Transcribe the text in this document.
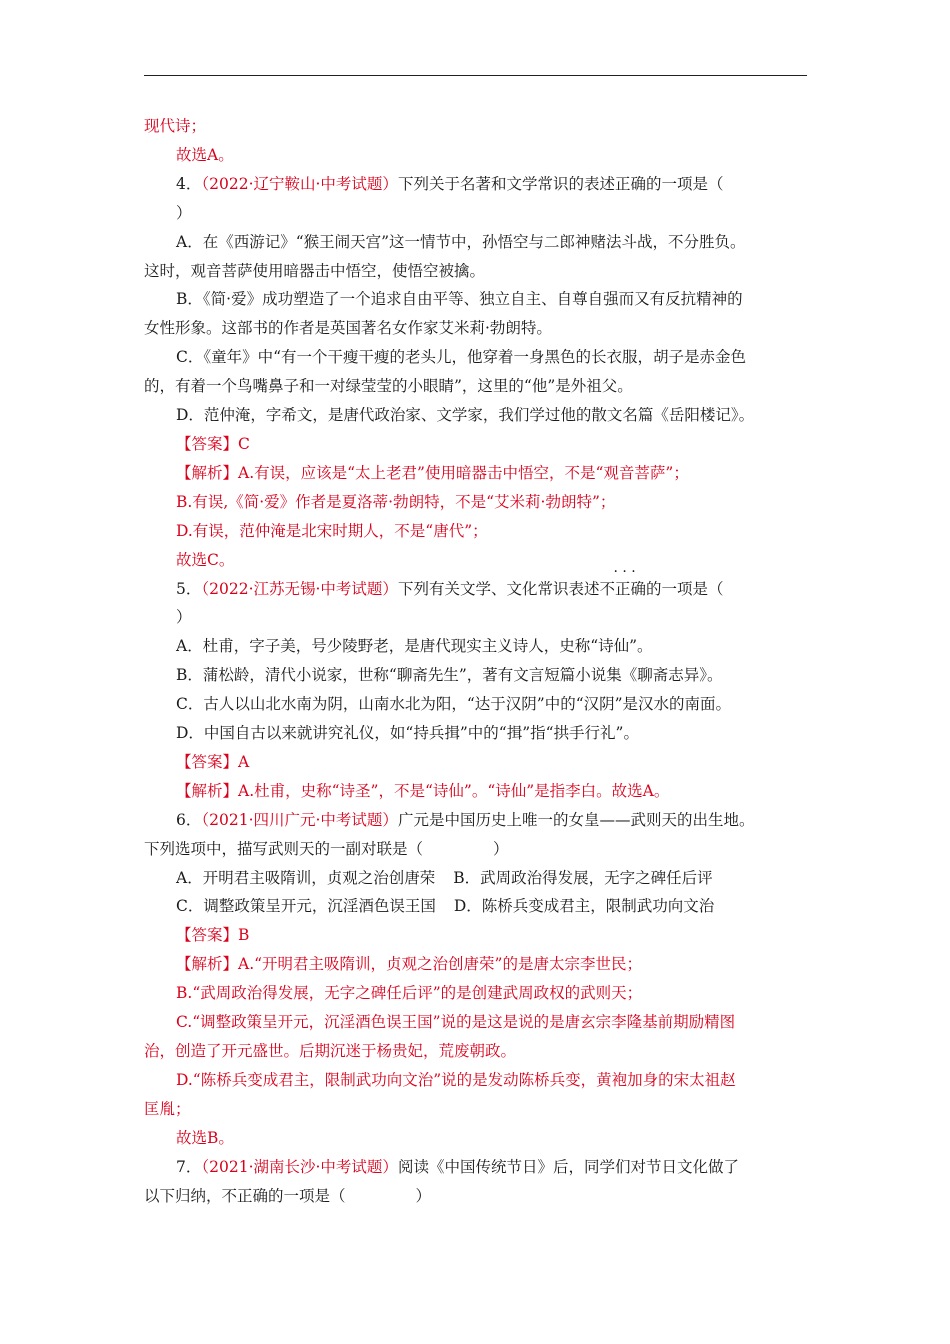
现代诗；
故选A。
4．（2022·辽宁鞍山·中考试题）下列关于名著和文学常识的表述正确的一项是（
）
A．在《西游记》“猴王闹天宫”这一情节中，孙悟空与二郎神赌法斗战，不分胜负。
这时，观音菩萨使用暗器击中悟空，使悟空被擒。
B．《简·爱》成功塑造了一个追求自由平等、独立自主、自尊自强而又有反抗精神的
女性形象。这部书的作者是英国著名女作家艾米莉·勃朗特。
C．《童年》中“有一个干瘦干瘦的老头儿，他穿着一身黑色的长衣服，胡子是赤金色
的，有着一个鸟嘴鼻子和一对绿莹莹的小眼睛”，这里的“他”是外祖父。
D．范仲淹，字希文，是唐代政治家、文学家，我们学过他的散文名篇《岳阳楼记》。
【答案】C
【解析】A.有误，应该是“太上老君”使用暗器击中悟空，不是“观音菩萨”；
B.有误,《简·爱》作者是夏洛蒂·勃朗特，不是“艾米莉·勃朗特”；
D.有误，范仲淹是北宋时期人，不是“唐代”；
故选C。
5．（2022·江苏无锡·中考试题）下列有关文学、文化常识表述· · · 不正确的一项是（
）
A．杜甫，字子美，号少陵野老，是唐代现实主义诗人，史称“诗仙”。
B．蒲松龄，清代小说家，世称“聊斋先生”，著有文言短篇小说集《聊斋志异》。
C．古人以山北水南为阴，山南水北为阳，“达于汉阴”中的“汉阴”是汉水的南面。
D．中国自古以来就讲究礼仪，如“持兵揖”中的“揖”指“拱手行礼”。
【答案】A
【解析】A.杜甫，史称“诗圣”，不是“诗仙”。“诗仙”是指李白。故选A。
6．（2021·四川广元·中考试题）广元是中国历史上唯一的女皇——武则天的出生地。
下列选项中，描写武则天的一副对联是（	）
A．开明君主吸隋训，贞观之治创唐荣 B．武周政治得发展，无字之碑任后评
C．调整政策呈开元，沉淫酒色误王国 D．陈桥兵变成君主，限制武功向文治
【答案】B
【解析】A.“开明君主吸隋训，贞观之治创唐荣”的是唐太宗李世民；
B.“武周政治得发展，无字之碑任后评”的是创建武周政权的武则天；
C.“调整政策呈开元，沉淫酒色误王国”说的是这是说的是唐玄宗李隆基前期励精图
治，创造了开元盛世。后期沉迷于杨贵妃，荒废朝政。
D.“陈桥兵变成君主，限制武功向文治”说的是发动陈桥兵变，黄袍加身的宋太祖赵
匡胤；
故选B。
7．（2021·湖南长沙·中考试题）阅读《中国传统节日》后，同学们对节日文化做了
以下归纳，不正确的一项是（	）
